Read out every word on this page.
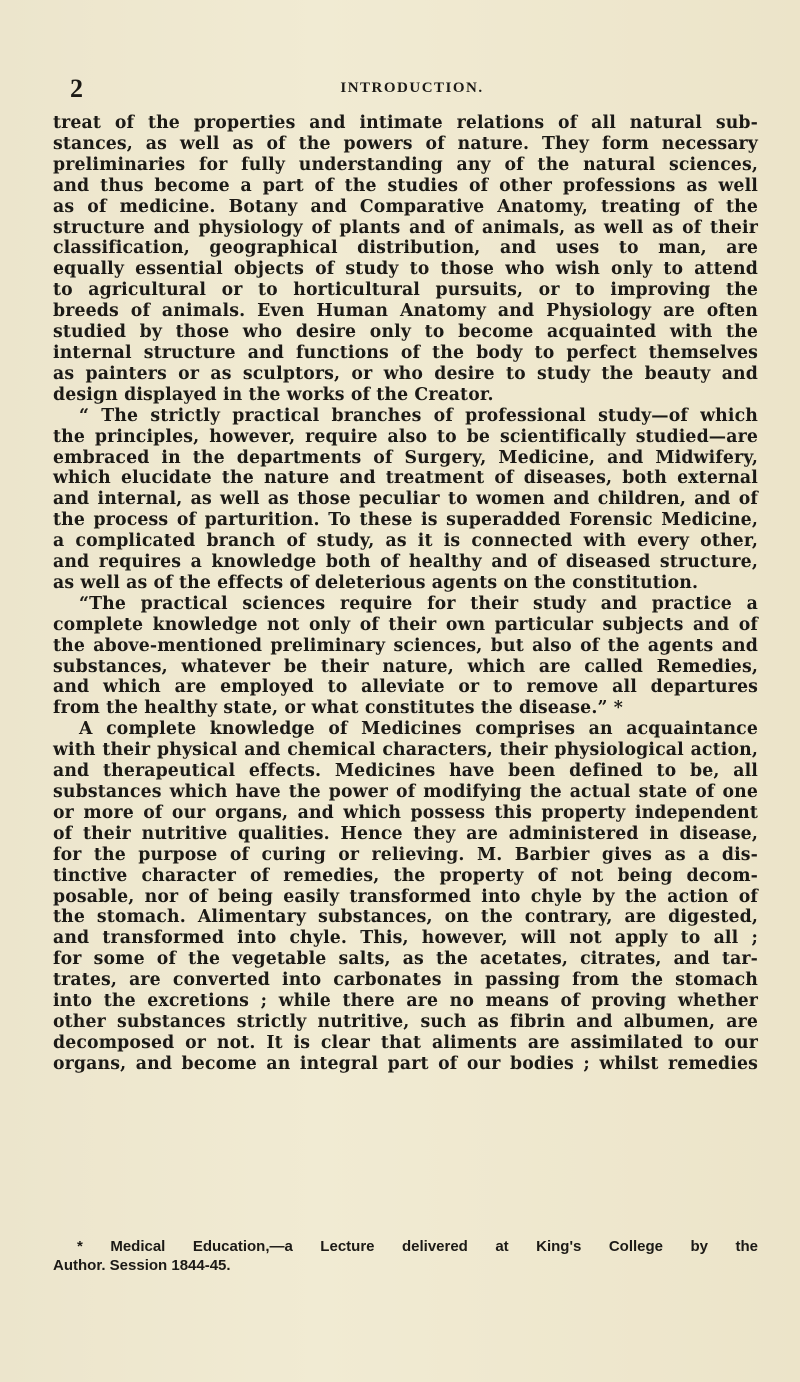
2	INTRODUCTION.
treat of the properties and intimate relations of all natural sub-
stances, as well as of the powers of nature. They form necessary
preliminaries for fully understanding any of the natural sciences,
and thus become a part of the studies of other professions as well
as of medicine. Botany and Comparative Anatomy, treating of the
structure and physiology of plants and of animals, as well as of their
classification, geographical distribution, and uses to man, are
equally essential objects of study to those who wish only to attend
to agricultural or to horticultural pursuits, or to improving the
breeds of animals. Even Human Anatomy and Physiology are often
studied by those who desire only to become acquainted with the
internal structure and functions of the body to perfect themselves
as painters or as sculptors, or who desire to study the beauty and
design displayed in the works of the Creator.
“ The strictly practical branches of professional study—of which
the principles, however, require also to be scientifically studied—are
embraced in the departments of Surgery, Medicine, and Midwifery,
which elucidate the nature and treatment of diseases, both external
and internal, as well as those peculiar to women and children, and of
the process of parturition. To these is superadded Forensic Medicine,
a complicated branch of study, as it is connected with every other,
and requires a knowledge both of healthy and of diseased structure,
as well as of the effects of deleterious agents on the constitution.
“The practical sciences require for their study and practice a
complete knowledge not only of their own particular subjects and of
the above-mentioned preliminary sciences, but also of the agents and
substances, whatever be their nature, which are called Remedies,
and which are employed to alleviate or to remove all departures
from the healthy state, or what constitutes the disease.” *
A complete knowledge of Medicines comprises an acquaintance
with their physical and chemical characters, their physiological action,
and therapeutical effects. Medicines have been defined to be, all
substances which have the power of modifying the actual state of one
or more of our organs, and which possess this property independent
of their nutritive qualities. Hence they are administered in disease,
for the purpose of curing or relieving. M. Barbier gives as a dis-
tinctive character of remedies, the property of not being decom-
posable, nor of being easily transformed into chyle by the action of
the stomach. Alimentary substances, on the contrary, are digested,
and transformed into chyle. This, however, will not apply to all ;
for some of the vegetable salts, as the acetates, citrates, and tar-
trates, are converted into carbonates in passing from the stomach
into the excretions ; while there are no means of proving whether
other substances strictly nutritive, such as fibrin and albumen, are
decomposed or not. It is clear that aliments are assimilated to our
organs, and become an integral part of our bodies ; whilst remedies
* Medical Education,—a Lecture delivered at King's College by the
Author. Session 1844-45.
